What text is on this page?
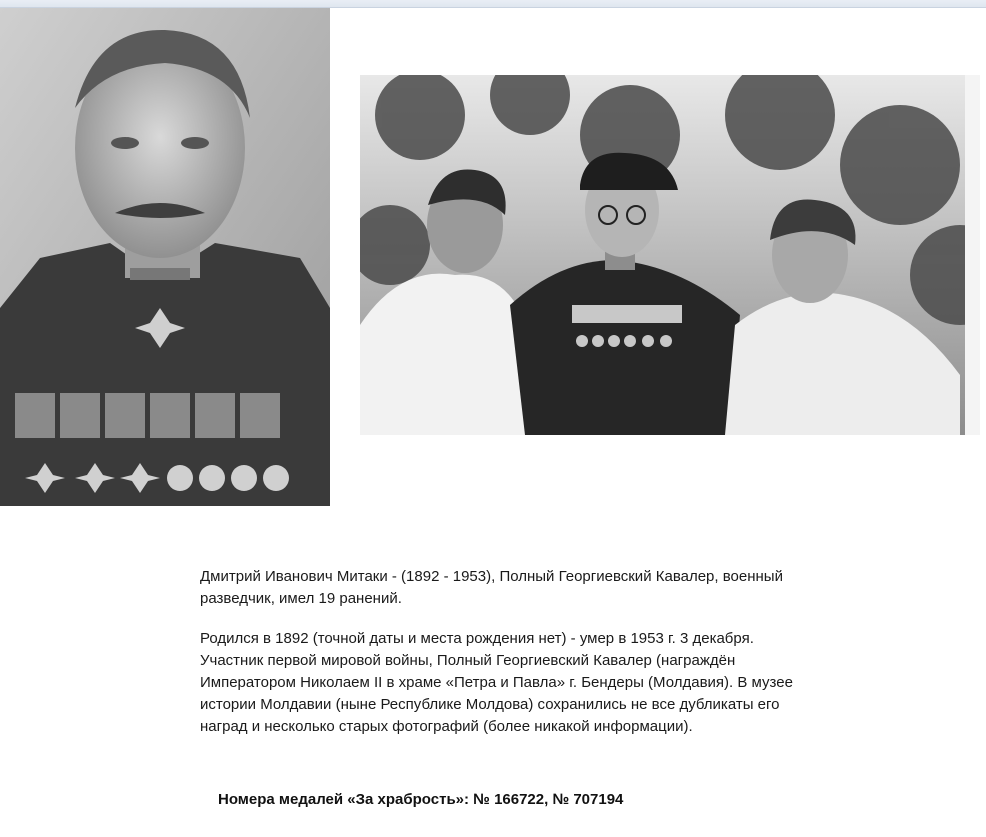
Дмитрий Иванович Митаки - (1892 - 1953), Полный Георгиевский Кавалер, военный разведчик, имел 19 ранений.

Родился в 1892 (точной даты и места рождения нет) - умер в 1953 г. 3 декабря. Участник первой мировой войны, Полный Георгиевский Кавалер (награждён Императором Николаем II в храме «Петра и Павла» г. Бендеры (Молдавия). В музее истории Молдавии (ныне Республике Молдова) сохранились не все дубликаты его наград и несколько старых фотографий (более никакой информации).

Номера медалей «За храбрость»: № 166722, № 707194
